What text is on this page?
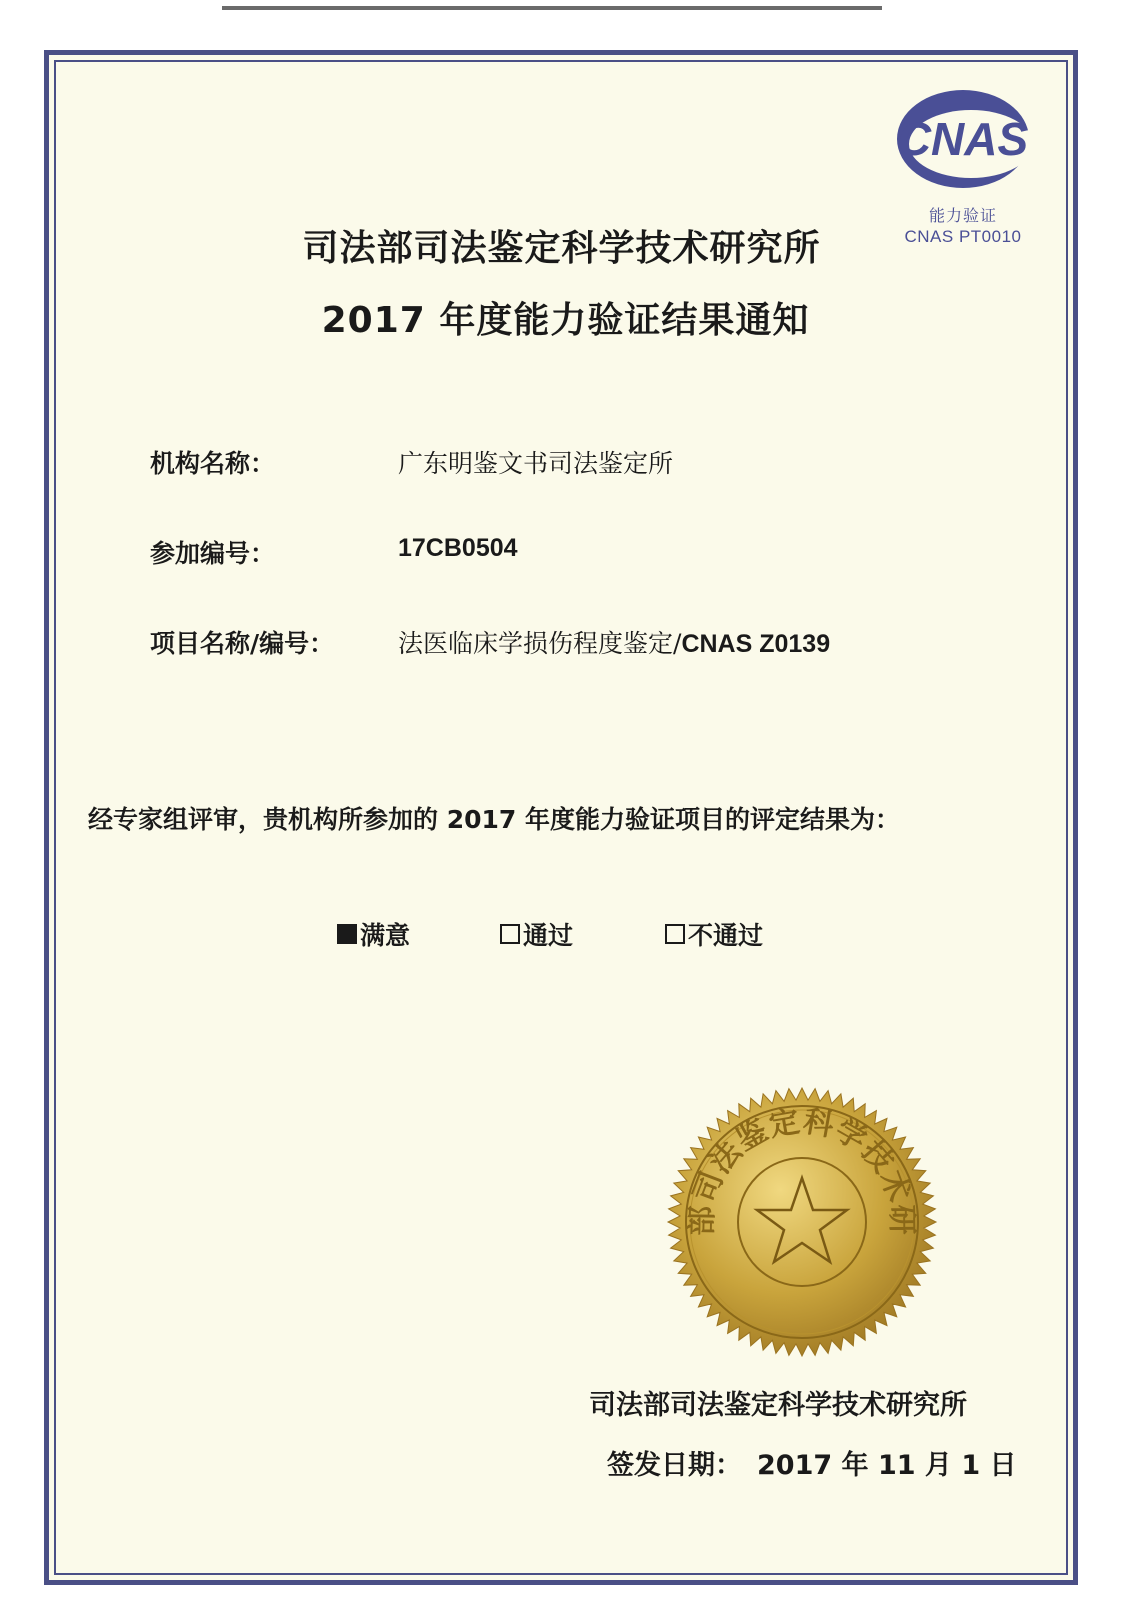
CNAS
能力验证
CNAS PT0010
司法部司法鉴定科学技术研究所
2017 年度能力验证结果通知
机构名称：	广东明鉴文书司法鉴定所
参加编号：	17CB0504
项目名称/编号：	法医临床学损伤程度鉴定/CNAS Z0139
经专家组评审，贵机构所参加的 2017 年度能力验证项目的评定结果为：
满意	通过	不通过
部司法鉴定科学技术研
司法部司法鉴定科学技术研究所
签发日期： 2017 年 11 月 1 日
